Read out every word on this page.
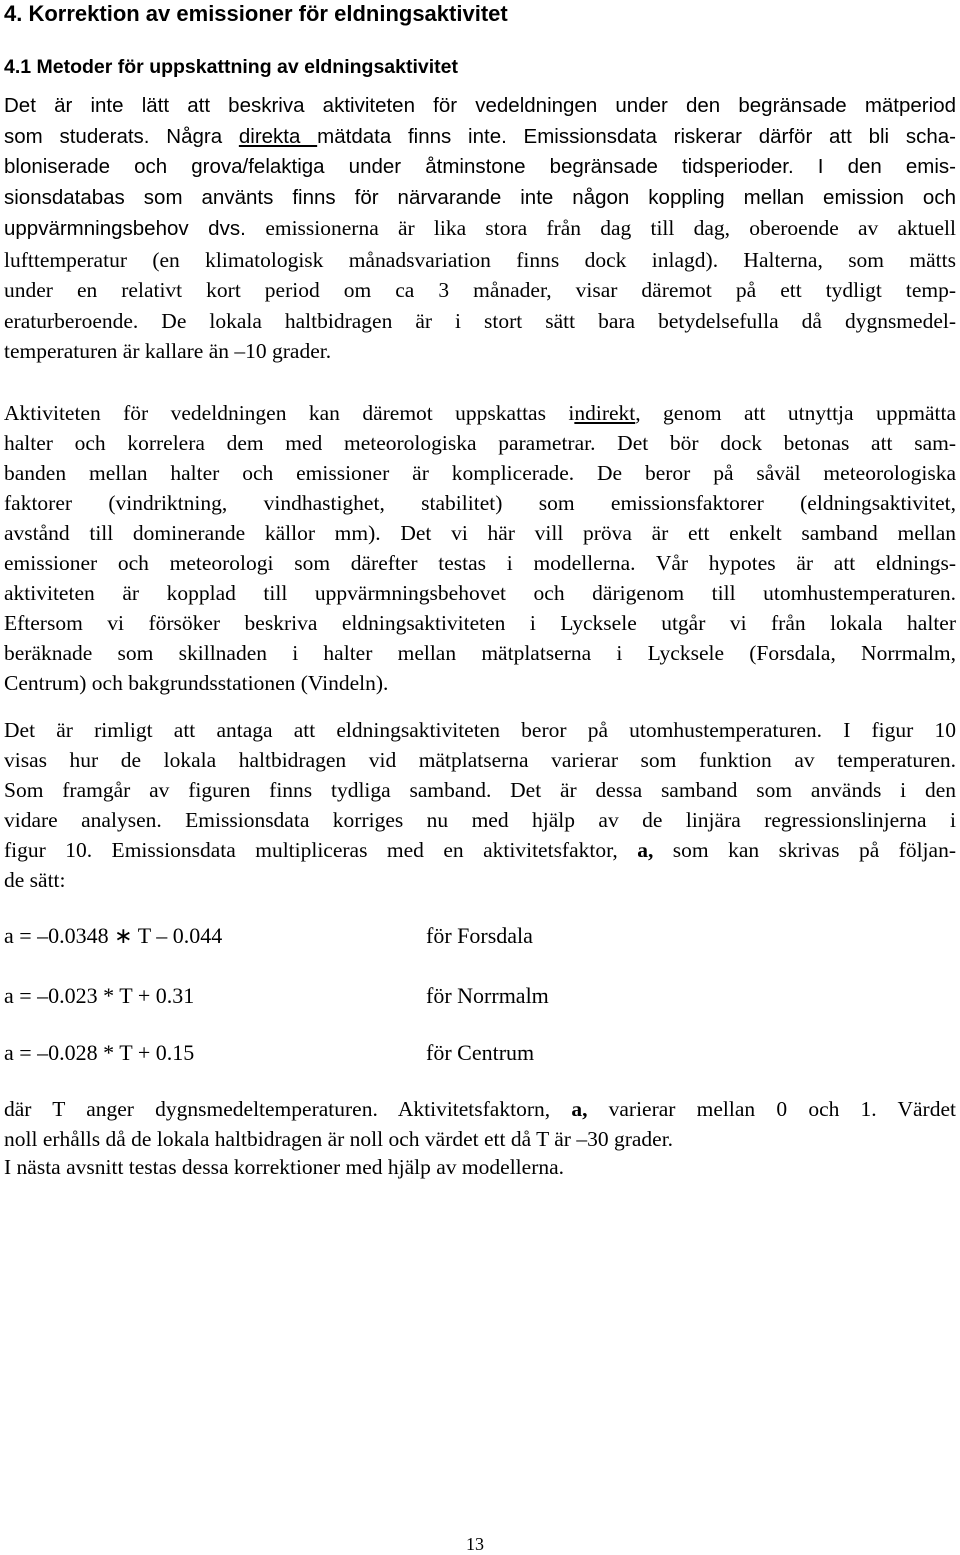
4. Korrektion av emissioner för eldningsaktivitet
4.1 Metoder för uppskattning av eldningsaktivitet

Det är inte lätt att beskriva aktiviteten för vedeldningen under den begränsade mätperiod
som studerats. Några direkta mätdata finns inte. Emissionsdata riskerar därför att bli scha-
bloniserade och grova/felaktiga under åtminstone begränsade tidsperioder. I den emis-
sionsdatabas som använts finns för närvarande inte någon koppling mellan emission och
uppvärmningsbehov dvs. emissionerna är lika stora från dag till dag, oberoende av aktuell
lufttemperatur (en klimatologisk månadsvariation finns dock inlagd). Halterna, som mätts
under en relativt kort period om ca 3 månader, visar däremot på ett tydligt temp-
eraturberoende. De lokala haltbidragen är i stort sätt bara betydelsefulla då dygnsmedel-
temperaturen är kallare än –10 grader.

Aktiviteten för vedeldningen kan däremot uppskattas indirekt, genom att utnyttja uppmätta
halter och korrelera dem med meteorologiska parametrar. Det bör dock betonas att sam-
banden mellan halter och emissioner är komplicerade. De beror på såväl meteorologiska
faktorer (vindriktning, vindhastighet, stabilitet) som emissionsfaktorer (eldningsaktivitet,
avstånd till dominerande källor mm). Det vi här vill pröva är ett enkelt samband mellan
emissioner och meteorologi som därefter testas i modellerna. Vår hypotes är att eldnings-
aktiviteten är kopplad till uppvärmningsbehovet och därigenom till utomhustemperaturen.
Eftersom vi försöker beskriva eldningsaktiviteten i Lycksele utgår vi från lokala halter
beräknade som skillnaden i halter mellan mätplatserna i Lycksele (Forsdala, Norrmalm,
Centrum) och bakgrundsstationen (Vindeln).

Det är rimligt att antaga att eldningsaktiviteten beror på utomhustemperaturen. I figur 10
visas hur de lokala haltbidragen vid mätplatserna varierar som funktion av temperaturen.
Som framgår av figuren finns tydliga samband. Det är dessa samband som används i den
vidare analysen. Emissionsdata korriges nu med hjälp av de linjära regressionslinjerna i
figur 10. Emissionsdata multipliceras med en aktivitetsfaktor, a, som kan skrivas på följan-
de sätt:

a = –0.0348 ∗ T – 0.044	för Forsdala
a = –0.023 * T + 0.31	för Norrmalm
a = –0.028 * T + 0.15	för Centrum

där T anger dygnsmedeltemperaturen. Aktivitetsfaktorn, a, varierar mellan 0 och 1. Värdet
noll erhålls då de lokala haltbidragen är noll och värdet ett då T är –30 grader.

I nästa avsnitt testas dessa korrektioner med hjälp av modellerna.

13
